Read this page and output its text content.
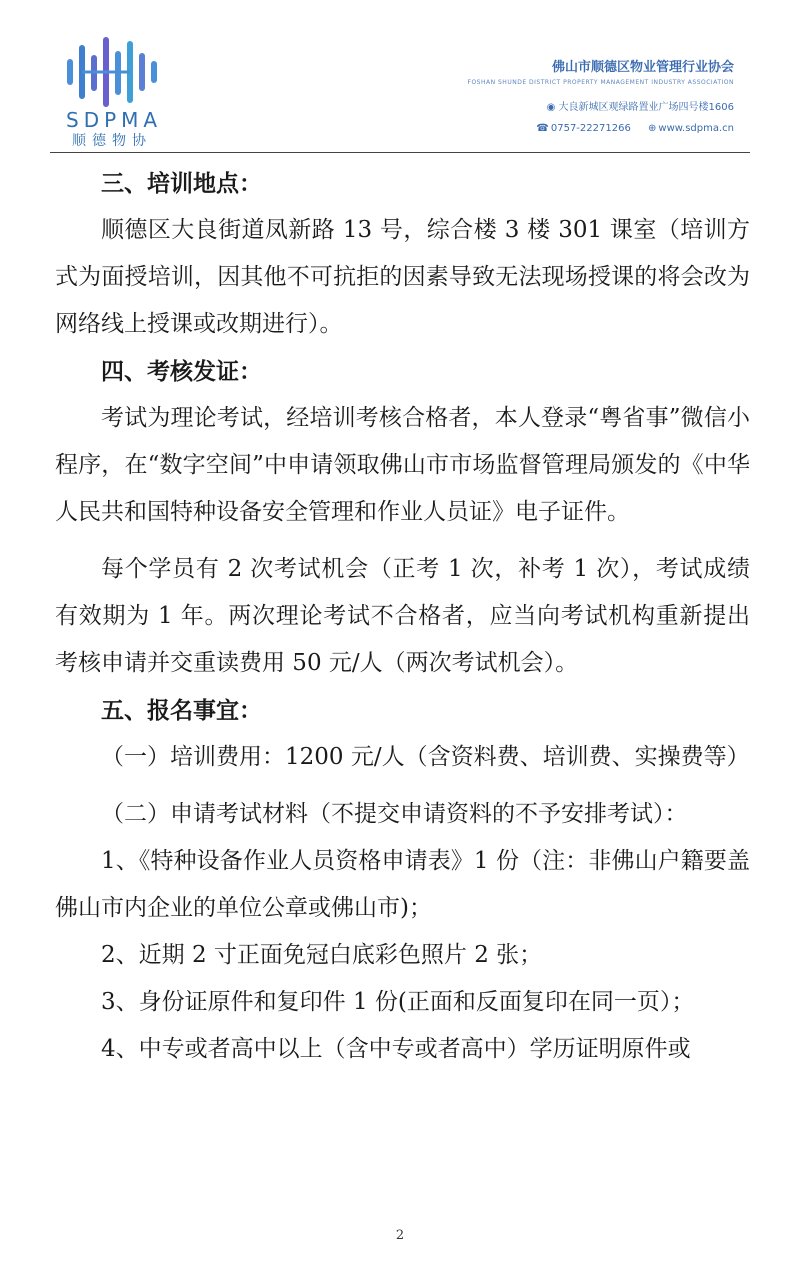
SDPMA
顺德物协
佛山市顺德区物业管理行业协会
FOSHAN SHUNDE DISTRICT PROPERTY MANAGEMENT INDUSTRY ASSOCIATION
◉ 大良新城区观绿路置业广场四号楼1606
☎ 0757-22271266 ⊕ www.sdpma.cn

三、培训地点：

顺德区大良街道凤新路 13 号，综合楼 3 楼 301 课室（培训方式为面授培训，因其他不可抗拒的因素导致无法现场授课的将会改为网络线上授课或改期进行）。

四、考核发证：

考试为理论考试，经培训考核合格者，本人登录“粤省事”微信小程序，在“数字空间”中申请领取佛山市市场监督管理局颁发的《中华人民共和国特种设备安全管理和作业人员证》电子证件。

每个学员有 2 次考试机会（正考 1 次，补考 1 次），考试成绩有效期为 1 年。两次理论考试不合格者，应当向考试机构重新提出考核申请并交重读费用 50 元/人（两次考试机会）。

五、报名事宜：

（一）培训费用：1200 元/人（含资料费、培训费、实操费等）

（二）申请考试材料（不提交申请资料的不予安排考试）：

1、《特种设备作业人员资格申请表》1 份（注：非佛山户籍要盖佛山市内企业的单位公章或佛山市)；

2、近期 2 寸正面免冠白底彩色照片 2 张；

3、身份证原件和复印件 1 份(正面和反面复印在同一页）；

4、中专或者高中以上（含中专或者高中）学历证明原件或

2
